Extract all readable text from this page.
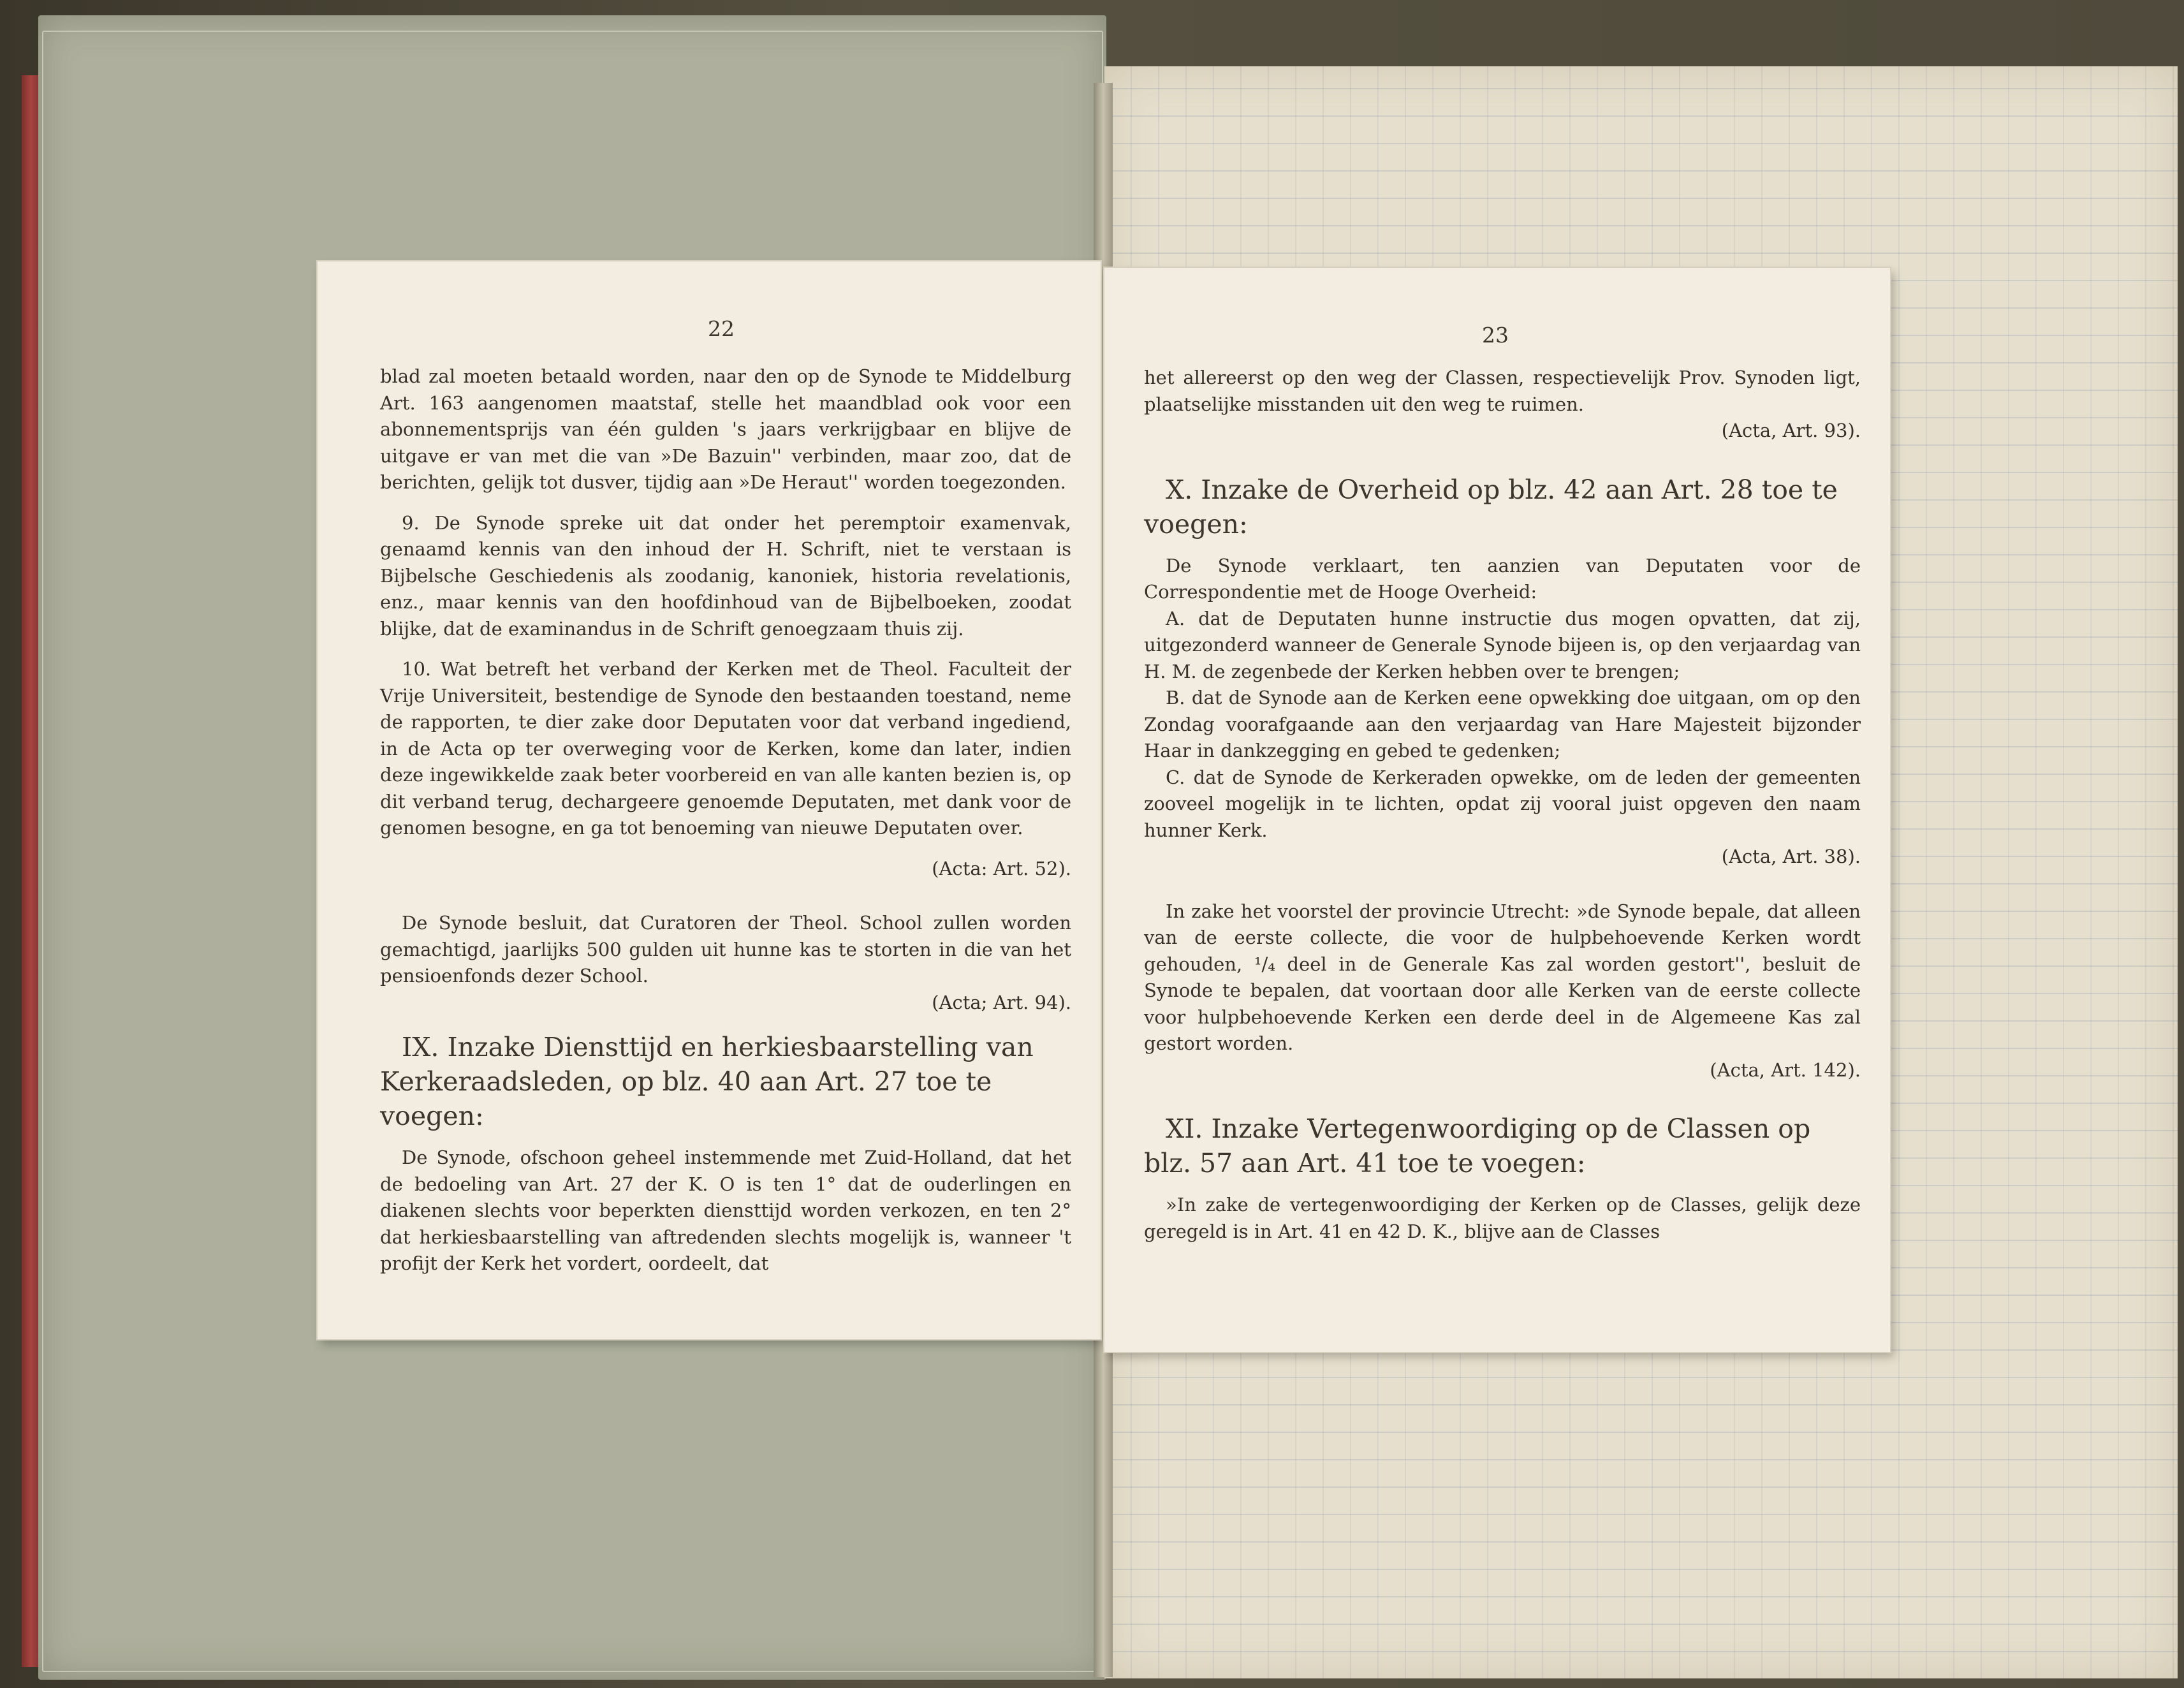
22

blad zal moeten betaald worden, naar den op de Synode te Middelburg Art. 163 aangenomen maatstaf, stelle het maandblad ook voor een abonnementsprijs van één gulden 's jaars verkrijgbaar en blijve de uitgave er van met die van »De Bazuin'' verbinden, maar zoo, dat de berichten, gelijk tot dusver, tijdig aan »De Heraut'' worden toegezonden.

9. De Synode spreke uit dat onder het peremptoir examenvak, genaamd kennis van den inhoud der H. Schrift, niet te verstaan is Bijbelsche Geschiedenis als zoodanig, kanoniek, historia revelationis, enz., maar kennis van den hoofdinhoud van de Bijbelboeken, zoodat blijke, dat de examinandus in de Schrift genoegzaam thuis zij.

10. Wat betreft het verband der Kerken met de Theol. Faculteit der Vrije Universiteit, bestendige de Synode den bestaanden toestand, neme de rapporten, te dier zake door Deputaten voor dat verband ingediend, in de Acta op ter overweging voor de Kerken, kome dan later, indien deze ingewikkelde zaak beter voorbereid en van alle kanten bezien is, op dit verband terug, dechargeere genoemde Deputaten, met dank voor de genomen besogne, en ga tot benoeming van nieuwe Deputaten over.

(Acta: Art. 52).

De Synode besluit, dat Curatoren der Theol. School zullen worden gemachtigd, jaarlijks 500 gulden uit hunne kas te storten in die van het pensioenfonds dezer School.

(Acta; Art. 94).

IX. Inzake Diensttijd en herkiesbaarstelling van Kerkeraadsleden, op blz. 40 aan Art. 27 toe te voegen:

De Synode, ofschoon geheel instemmende met Zuid-Holland, dat het de bedoeling van Art. 27 der K. O is ten 1° dat de ouderlingen en diakenen slechts voor beperkten diensttijd worden verkozen, en ten 2° dat herkiesbaarstelling van aftredenden slechts mogelijk is, wanneer 't profijt der Kerk het vordert, oordeelt, dat

23

het allereerst op den weg der Classen, respectievelijk Prov. Synoden ligt, plaatselijke misstanden uit den weg te ruimen.

(Acta, Art. 93).

X. Inzake de Overheid op blz. 42 aan Art. 28 toe te voegen:

De Synode verklaart, ten aanzien van Deputaten voor de Correspondentie met de Hooge Overheid:

A. dat de Deputaten hunne instructie dus mogen opvatten, dat zij, uitgezonderd wanneer de Generale Synode bijeen is, op den verjaardag van H. M. de zegenbede der Kerken hebben over te brengen;

B. dat de Synode aan de Kerken eene opwekking doe uitgaan, om op den Zondag voorafgaande aan den verjaardag van Hare Majesteit bijzonder Haar in dankzegging en gebed te gedenken;

C. dat de Synode de Kerkeraden opwekke, om de leden der gemeenten zooveel mogelijk in te lichten, opdat zij vooral juist opgeven den naam hunner Kerk.

(Acta, Art. 38).

In zake het voorstel der provincie Utrecht: »de Synode bepale, dat alleen van de eerste collecte, die voor de hulpbehoevende Kerken wordt gehouden, ¹/₄ deel in de Generale Kas zal worden gestort'', besluit de Synode te bepalen, dat voortaan door alle Kerken van de eerste collecte voor hulpbehoevende Kerken een derde deel in de Algemeene Kas zal gestort worden.

(Acta, Art. 142).

XI. Inzake Vertegenwoordiging op de Classen op blz. 57 aan Art. 41 toe te voegen:

»In zake de vertegenwoordiging der Kerken op de Classes, gelijk deze geregeld is in Art. 41 en 42 D. K., blijve aan de Classes
